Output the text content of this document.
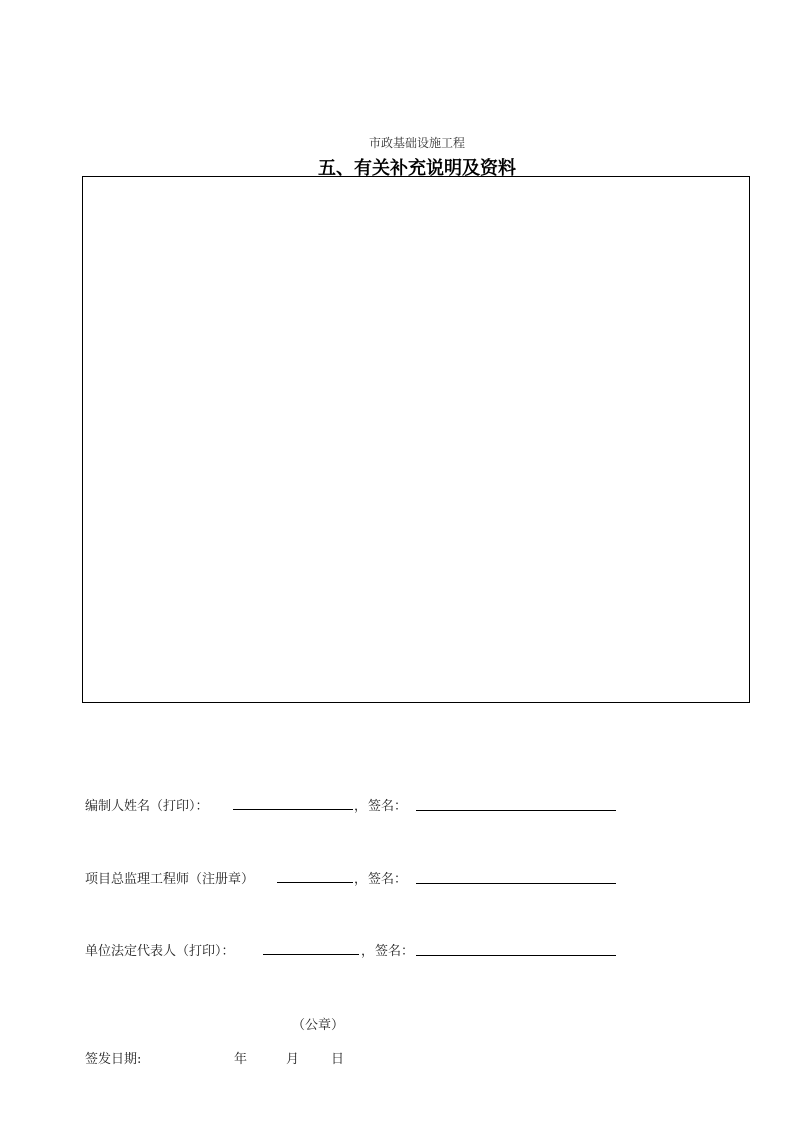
市政基础设施工程
五、有关补充说明及资料
编制人姓名（打印）：	， 签名：
项目总监理工程师（注册章）	， 签名：
单位法定代表人（打印）：	， 签名：
（公章）
签发日期:	年	月 日
